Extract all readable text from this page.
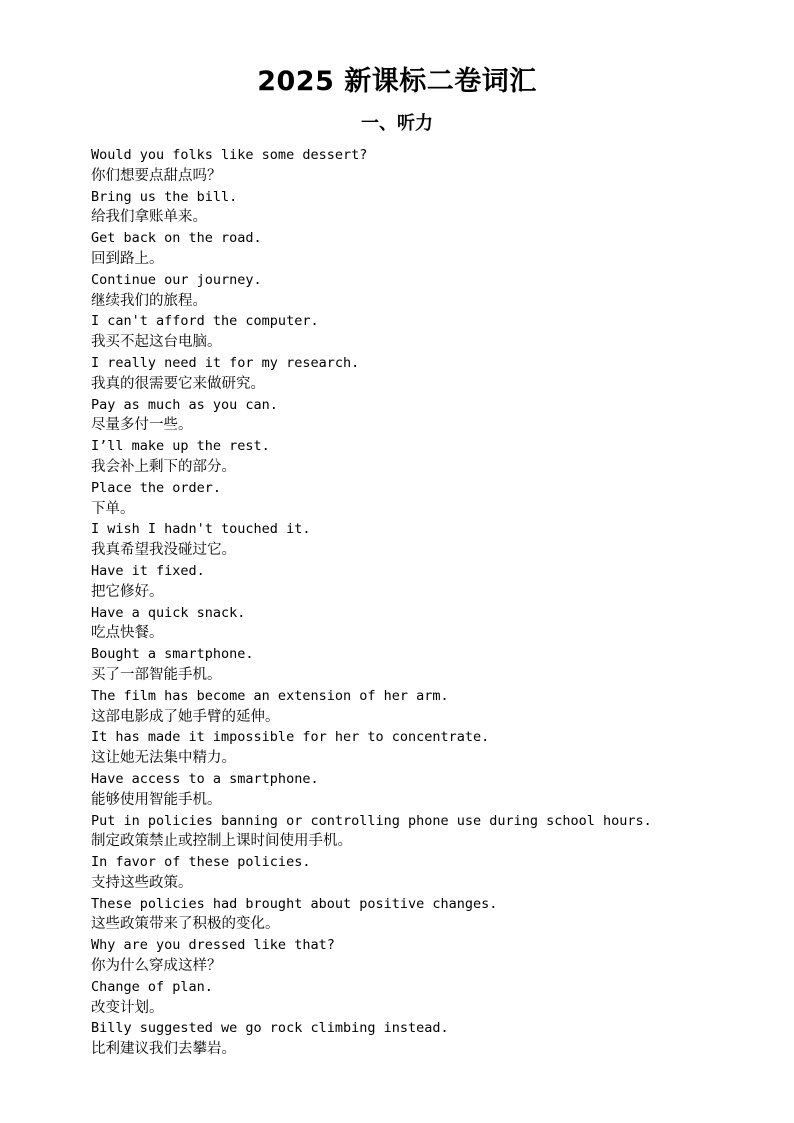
2025 新课标二卷词汇
一、听力
Would you folks like some dessert?
你们想要点甜点吗？
Bring us the bill.
给我们拿账单来。
Get back on the road.
回到路上。
Continue our journey.
继续我们的旅程。
I can't afford the computer.
我买不起这台电脑。
I really need it for my research.
我真的很需要它来做研究。
Pay as much as you can.
尽量多付一些。
I’ll make up the rest.
我会补上剩下的部分。
Place the order.
下单。
I wish I hadn't touched it.
我真希望我没碰过它。
Have it fixed.
把它修好。
Have a quick snack.
吃点快餐。
Bought a smartphone.
买了一部智能手机。
The film has become an extension of her arm.
这部电影成了她手臂的延伸。
It has made it impossible for her to concentrate.
这让她无法集中精力。
Have access to a smartphone.
能够使用智能手机。
Put in policies banning or controlling phone use during school hours.
制定政策禁止或控制上课时间使用手机。
In favor of these policies.
支持这些政策。
These policies had brought about positive changes.
这些政策带来了积极的变化。
Why are you dressed like that?
你为什么穿成这样？
Change of plan.
改变计划。
Billy suggested we go rock climbing instead.
比利建议我们去攀岩。
